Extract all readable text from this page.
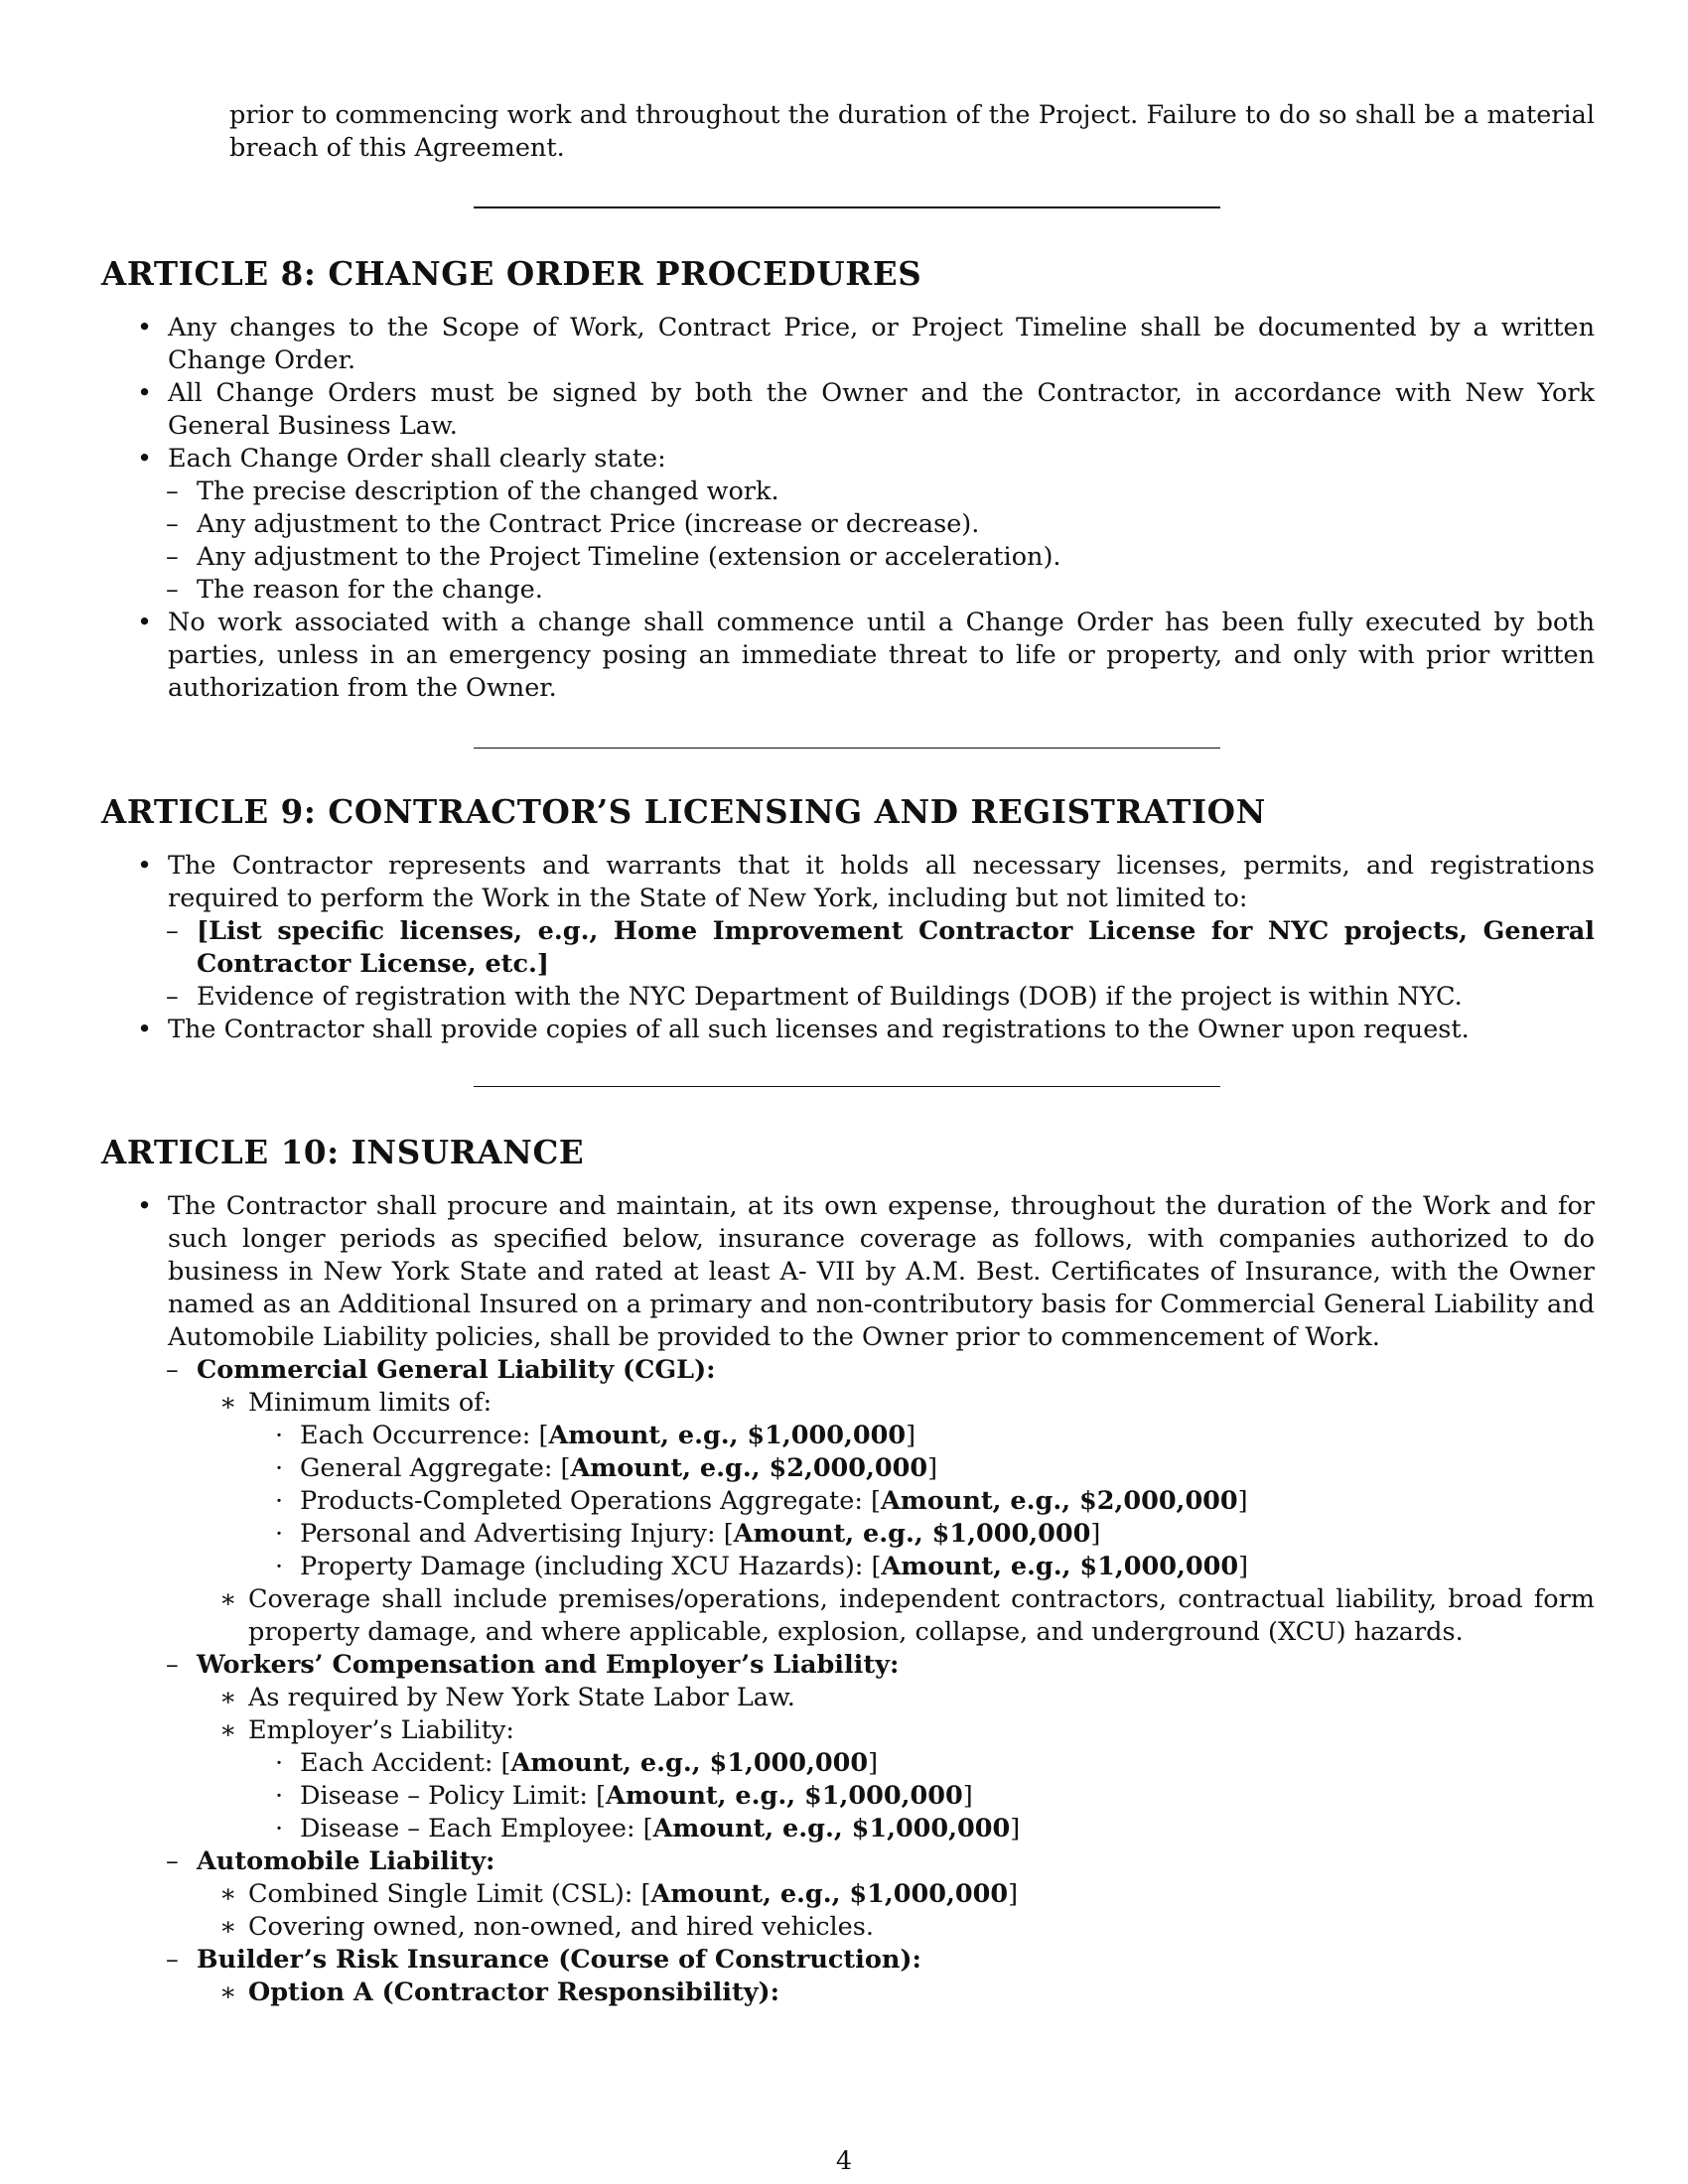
prior to commencing work and throughout the duration of the Project. Failure to do so shall be a material breach of this Agreement.

ARTICLE 8: CHANGE ORDER PROCEDURES
• Any changes to the Scope of Work, Contract Price, or Project Timeline shall be documented by a written Change Order.
• All Change Orders must be signed by both the Owner and the Contractor, in accordance with New York General Business Law.
• Each Change Order shall clearly state:
– The precise description of the changed work.
– Any adjustment to the Contract Price (increase or decrease).
– Any adjustment to the Project Timeline (extension or acceleration).
– The reason for the change.
• No work associated with a change shall commence until a Change Order has been fully executed by both parties, unless in an emergency posing an immediate threat to life or property, and only with prior written authorization from the Owner.
ARTICLE 9: CONTRACTOR’S LICENSING AND REGISTRATION
• The Contractor represents and warrants that it holds all necessary licenses, permits, and registrations required to perform the Work in the State of New York, including but not limited to:
– [List specific licenses, e.g., Home Improvement Contractor License for NYC projects, General Contractor License, etc.]
– Evidence of registration with the NYC Department of Buildings (DOB) if the project is within NYC.
• The Contractor shall provide copies of all such licenses and registrations to the Owner upon request.
ARTICLE 10: INSURANCE
• The Contractor shall procure and maintain, at its own expense, throughout the duration of the Work and for such longer periods as specified below, insurance coverage as follows, with companies authorized to do business in New York State and rated at least A- VII by A.M. Best. Certificates of Insurance, with the Owner named as an Additional Insured on a primary and non-contributory basis for Commercial General Liability and Automobile Liability policies, shall be provided to the Owner prior to commencement of Work.
– Commercial General Liability (CGL):
∗ Minimum limits of:
· Each Occurrence: [Amount, e.g., $1,000,000]
· General Aggregate: [Amount, e.g., $2,000,000]
· Products-Completed Operations Aggregate: [Amount, e.g., $2,000,000]
· Personal and Advertising Injury: [Amount, e.g., $1,000,000]
· Property Damage (including XCU Hazards): [Amount, e.g., $1,000,000]
∗ Coverage shall include premises/operations, independent contractors, contractual liability, broad form property damage, and where applicable, explosion, collapse, and underground (XCU) hazards.
– Workers’ Compensation and Employer’s Liability:
∗ As required by New York State Labor Law.
∗ Employer’s Liability:
· Each Accident: [Amount, e.g., $1,000,000]
· Disease – Policy Limit: [Amount, e.g., $1,000,000]
· Disease – Each Employee: [Amount, e.g., $1,000,000]
– Automobile Liability:
∗ Combined Single Limit (CSL): [Amount, e.g., $1,000,000]
∗ Covering owned, non-owned, and hired vehicles.
– Builder’s Risk Insurance (Course of Construction):
∗ Option A (Contractor Responsibility):
4
